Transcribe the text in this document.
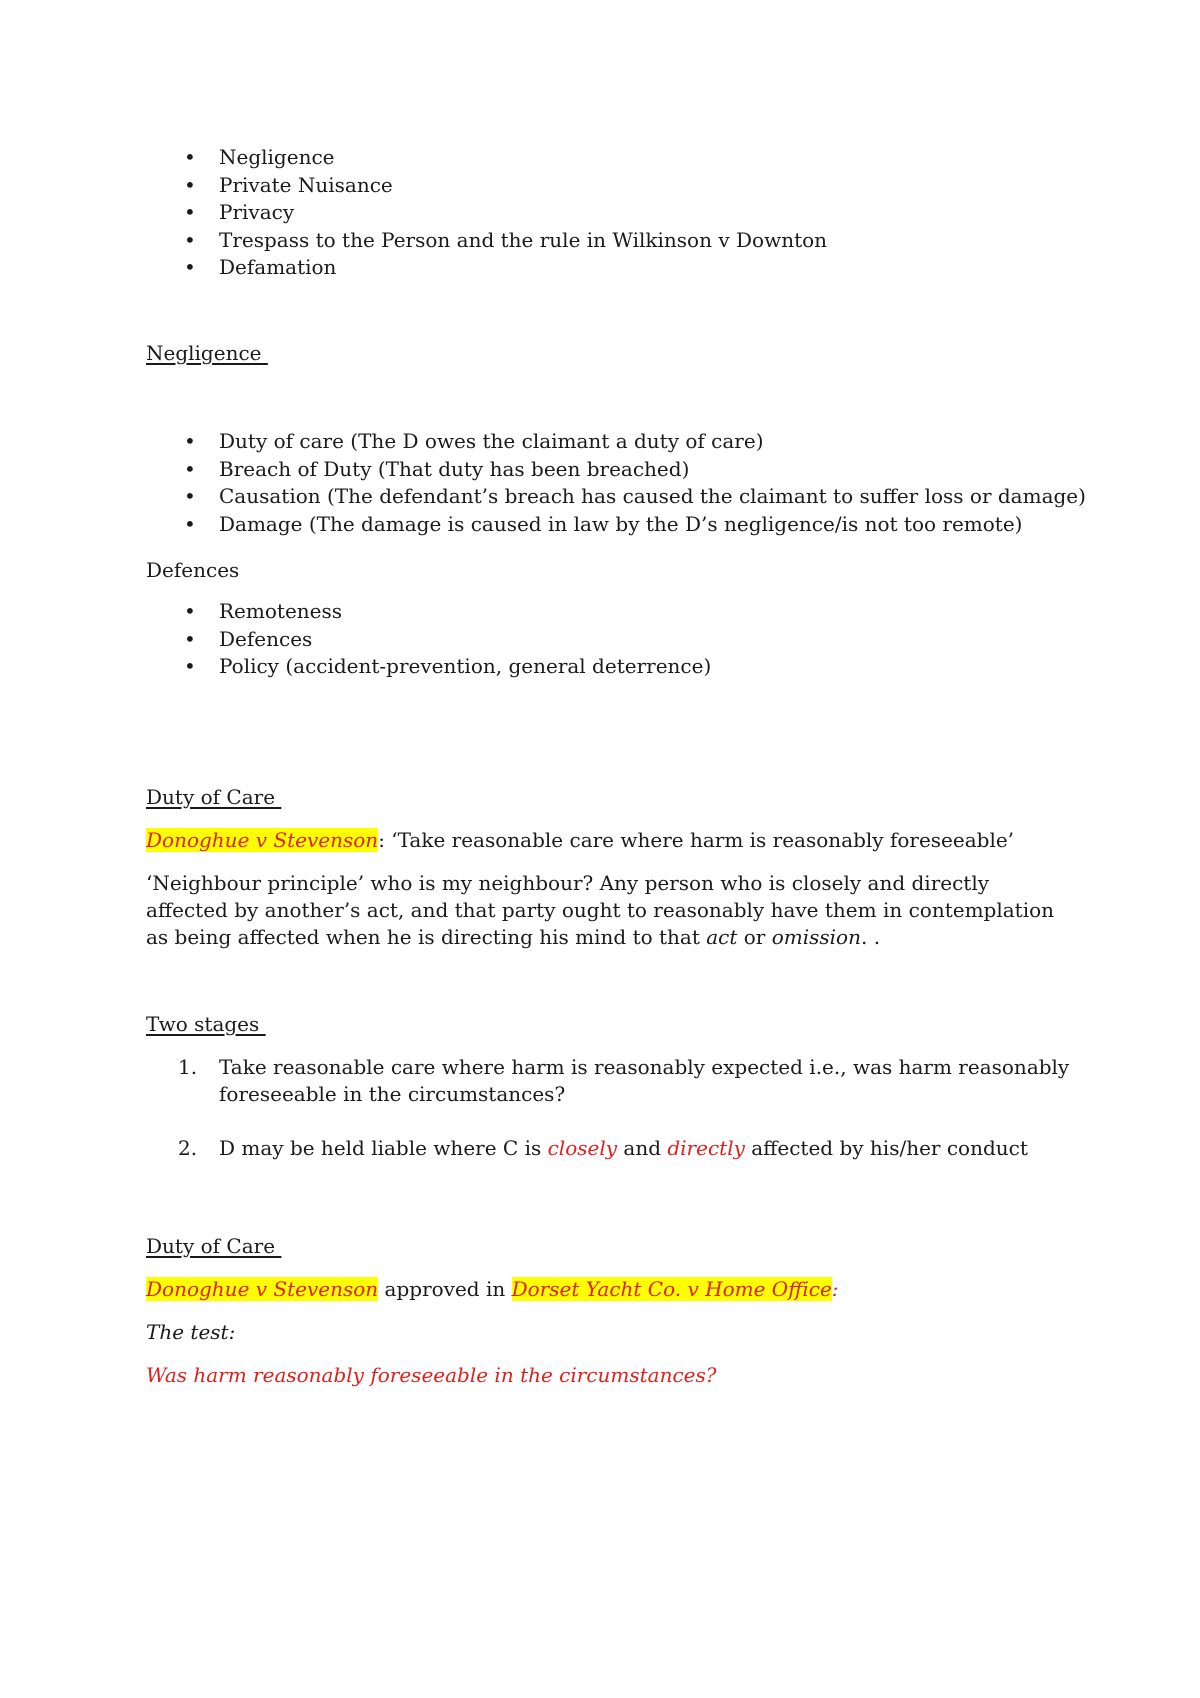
• Negligence
• Private Nuisance
• Privacy
• Trespass to the Person and the rule in Wilkinson v Downton
• Defamation
Negligence
• Duty of care (The D owes the claimant a duty of care)
• Breach of Duty (That duty has been breached)
• Causation (The defendant’s breach has caused the claimant to suffer loss or damage)
• Damage (The damage is caused in law by the D’s negligence/is not too remote)
Defences
• Remoteness
• Defences
• Policy (accident-prevention, general deterrence)
Duty of Care

Donoghue v Stevenson: ‘Take reasonable care where harm is reasonably foreseeable’

‘Neighbour principle’ who is my neighbour? Any person who is closely and directly affected by another’s act, and that party ought to reasonably have them in contemplation as being affected when he is directing his mind to that act or omission. .

Two stages
1. Take reasonable care where harm is reasonably expected i.e., was harm reasonably foreseeable in the circumstances?
2. D may be held liable where C is closely and directly affected by his/her conduct
Duty of Care

Donoghue v Stevenson approved in Dorset Yacht Co. v Home Office:

The test:

Was harm reasonably foreseeable in the circumstances?
